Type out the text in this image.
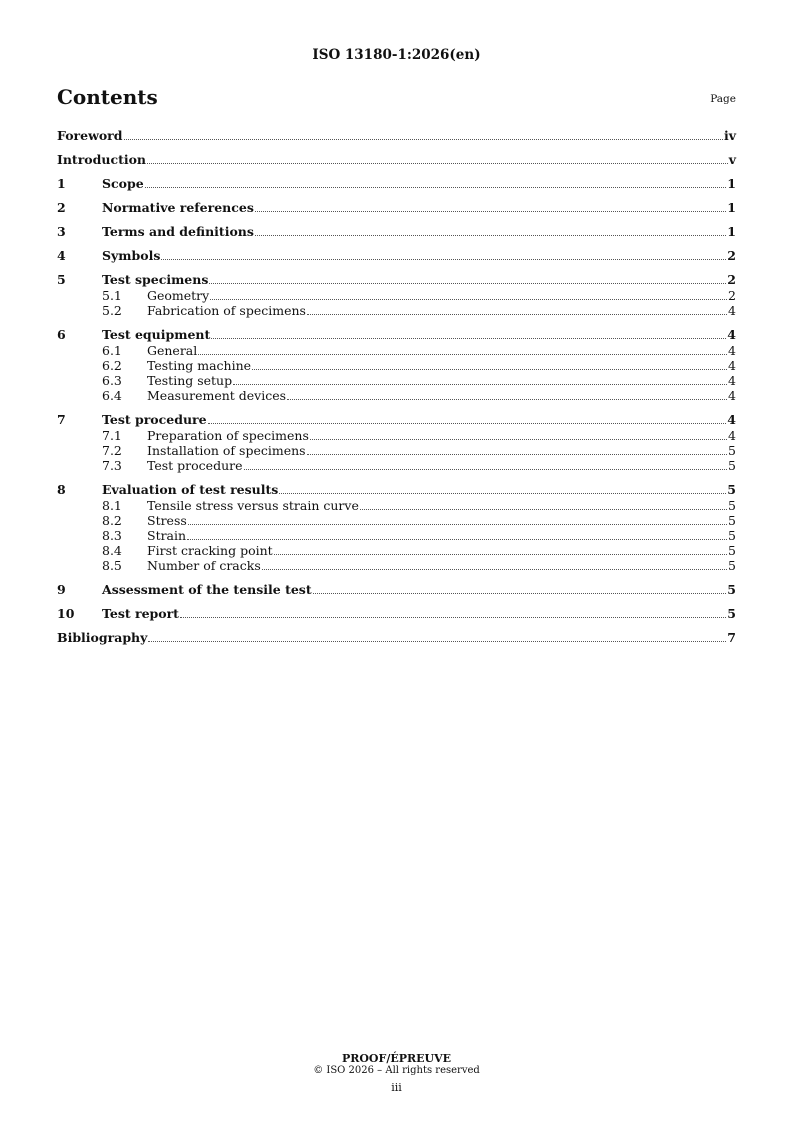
ISO 13180-1:2026(en)
Contents	Page
Foreword	iv
Introduction	v
1	Scope	1
2	Normative references	1
3	Terms and definitions	1
4	Symbols	2
5	Test specimens	2
5.1	Geometry	2
5.2	Fabrication of specimens	4
6	Test equipment	4
6.1	General	4
6.2	Testing machine	4
6.3	Testing setup	4
6.4	Measurement devices	4
7	Test procedure	4
7.1	Preparation of specimens	4
7.2	Installation of specimens	5
7.3	Test procedure	5
8	Evaluation of test results	5
8.1	Tensile stress versus strain curve	5
8.2	Stress	5
8.3	Strain	5
8.4	First cracking point	5
8.5	Number of cracks	5
9	Assessment of the tensile test	5
10	Test report	5
Bibliography	7
PROOF/ÉPREUVE
© ISO 2026 – All rights reserved
iii
